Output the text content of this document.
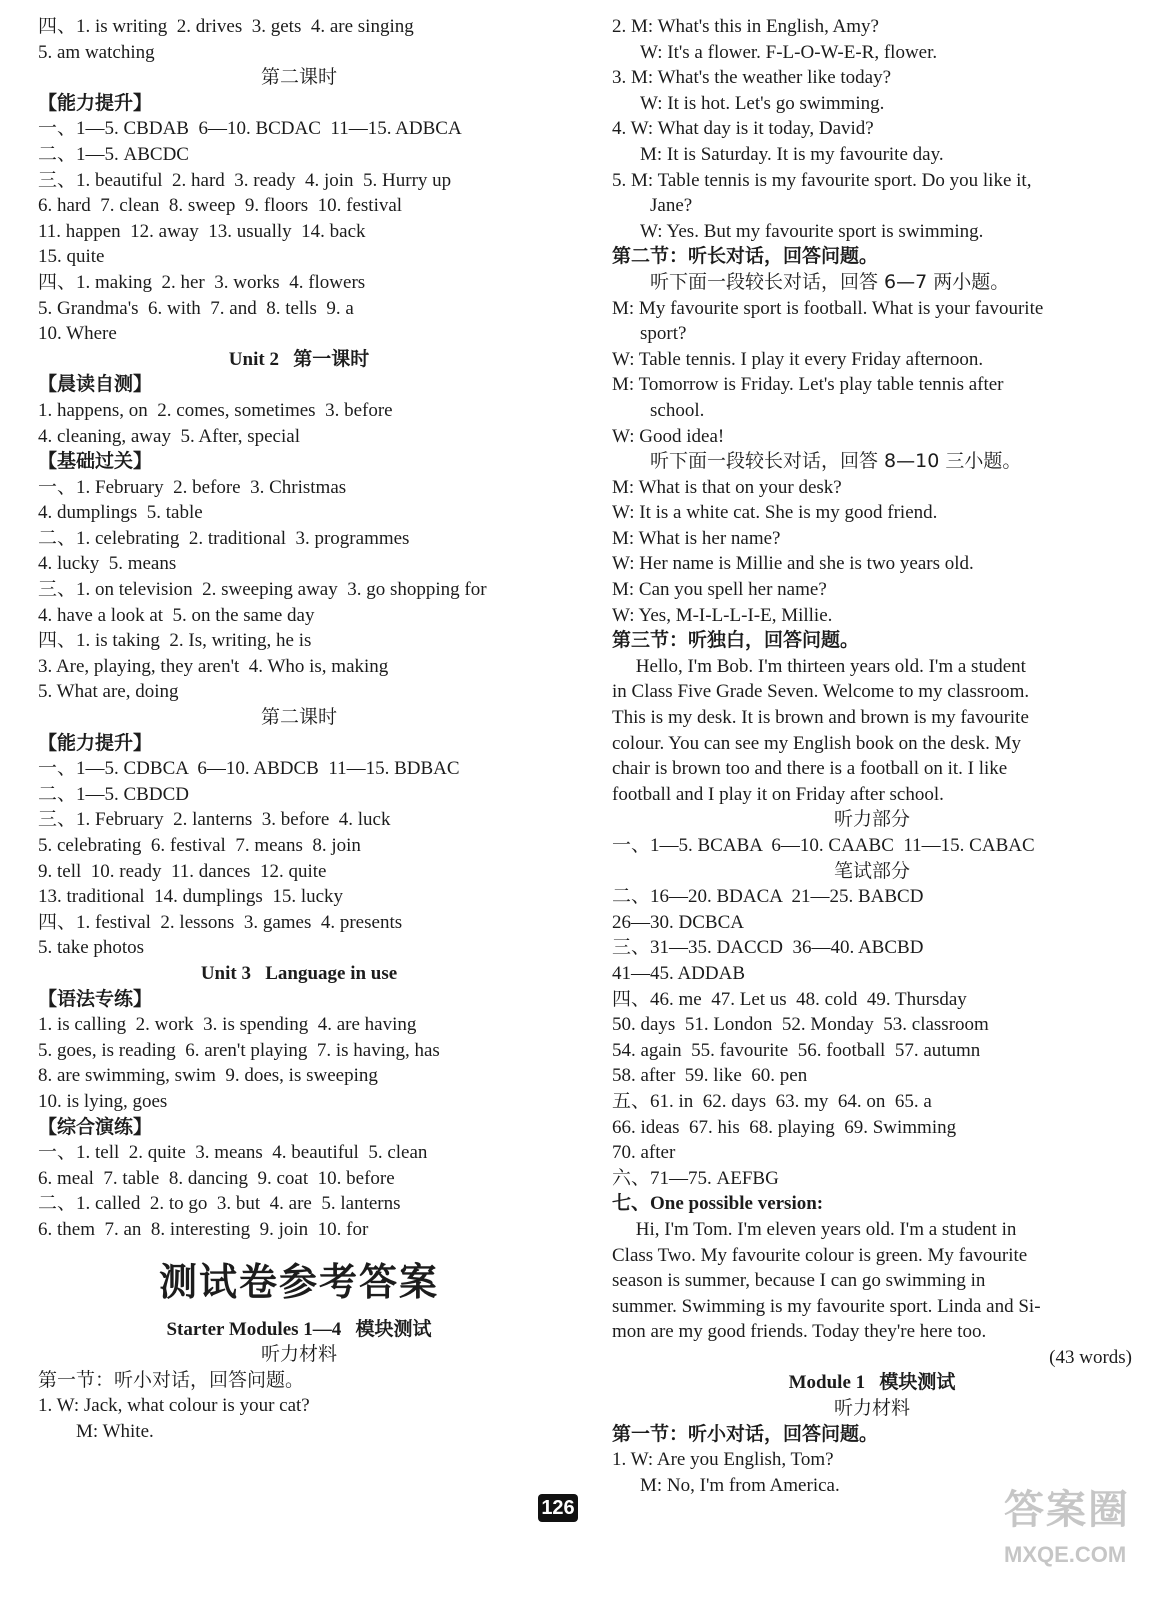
四、1. is writing  2. drives  3. gets  4. are singing
5. am watching
第二课时
【能力提升】
一、1—5. CBDAB  6—10. BCDAC  11—15. ADBCA
二、1—5. ABCDC
三、1. beautiful  2. hard  3. ready  4. join  5. Hurry up
6. hard  7. clean  8. sweep  9. floors  10. festival
11. happen  12. away  13. usually  14. back
15. quite
四、1. making  2. her  3. works  4. flowers
5. Grandma's  6. with  7. and  8. tells  9. a
10. Where
Unit 2   第一课时
【晨读自测】
1. happens, on  2. comes, sometimes  3. before
4. cleaning, away  5. After, special
【基础过关】
一、1. February  2. before  3. Christmas
4. dumplings  5. table
二、1. celebrating  2. traditional  3. programmes
4. lucky  5. means
三、1. on television  2. sweeping away  3. go shopping for
4. have a look at  5. on the same day
四、1. is taking  2. Is, writing, he is
3. Are, playing, they aren't  4. Who is, making
5. What are, doing
第二课时
【能力提升】
一、1—5. CDBCA  6—10. ABDCB  11—15. BDBAC
二、1—5. CBDCD
三、1. February  2. lanterns  3. before  4. luck
5. celebrating  6. festival  7. means  8. join
9. tell  10. ready  11. dances  12. quite
13. traditional  14. dumplings  15. lucky
四、1. festival  2. lessons  3. games  4. presents
5. take photos
Unit 3   Language in use
【语法专练】
1. is calling  2. work  3. is spending  4. are having
5. goes, is reading  6. aren't playing  7. is having, has
8. are swimming, swim  9. does, is sweeping
10. is lying, goes
【综合演练】
一、1. tell  2. quite  3. means  4. beautiful  5. clean
6. meal  7. table  8. dancing  9. coat  10. before
二、1. called  2. to go  3. but  4. are  5. lanterns
6. them  7. an  8. interesting  9. join  10. for
测试卷参考答案
Starter Modules 1—4   模块测试
听力材料
第一节：听小对话，回答问题。
1. W: Jack, what colour is your cat?
M: White.
2. M: What's this in English, Amy?
W: It's a flower. F-L-O-W-E-R, flower.
3. M: What's the weather like today?
W: It is hot. Let's go swimming.
4. W: What day is it today, David?
M: It is Saturday. It is my favourite day.
5. M: Table tennis is my favourite sport. Do you like it,
Jane?
W: Yes. But my favourite sport is swimming.
第二节：听长对话，回答问题。
听下面一段较长对话，回答 6—7 两小题。
M: My favourite sport is football. What is your favourite
sport?
W: Table tennis. I play it every Friday afternoon.
M: Tomorrow is Friday. Let's play table tennis after
school.
W: Good idea!
听下面一段较长对话，回答 8—10 三小题。
M: What is that on your desk?
W: It is a white cat. She is my good friend.
M: What is her name?
W: Her name is Millie and she is two years old.
M: Can you spell her name?
W: Yes, M-I-L-L-I-E, Millie.
第三节：听独白，回答问题。
Hello, I'm Bob. I'm thirteen years old. I'm a student
in Class Five Grade Seven. Welcome to my classroom.
This is my desk. It is brown and brown is my favourite
colour. You can see my English book on the desk. My
chair is brown too and there is a football on it. I like
football and I play it on Friday after school.
听力部分
一、1—5. BCABA  6—10. CAABC  11—15. CABAC
笔试部分
二、16—20. BDACA  21—25. BABCD
26—30. DCBCA
三、31—35. DACCD  36—40. ABCBD
41—45. ADDAB
四、46. me  47. Let us  48. cold  49. Thursday
50. days  51. London  52. Monday  53. classroom
54. again  55. favourite  56. football  57. autumn
58. after  59. like  60. pen
五、61. in  62. days  63. my  64. on  65. a
66. ideas  67. his  68. playing  69. Swimming
70. after
六、71—75. AEFBG
七、One possible version:
Hi, I'm Tom. I'm eleven years old. I'm a student in
Class Two. My favourite colour is green. My favourite
season is summer, because I can go swimming in
summer. Swimming is my favourite sport. Linda and Si-
mon are my good friends. Today they're here too.
(43 words)
Module 1   模块测试
听力材料
第一节：听小对话，回答问题。
1. W: Are you English, Tom?
M: No, I'm from America.
126	答案圈
MXQE.COM
